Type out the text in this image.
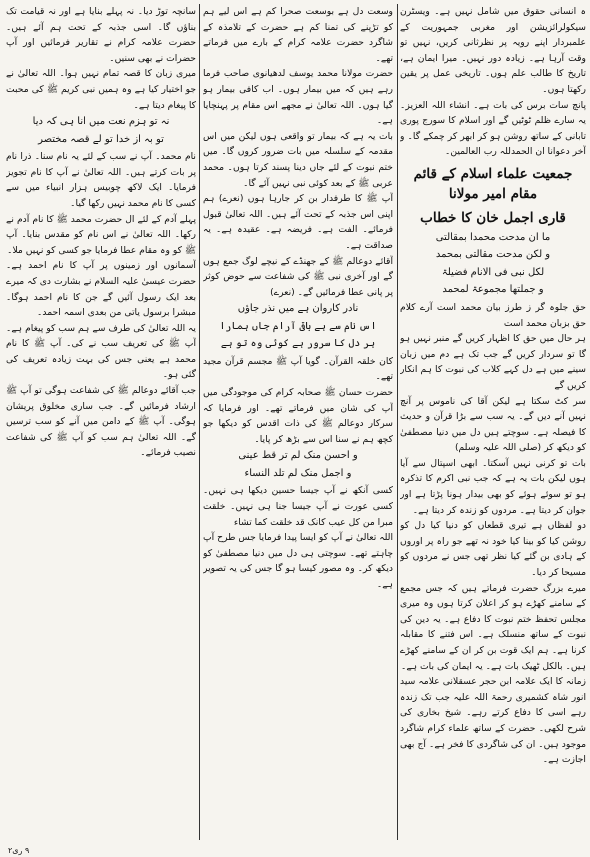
ہ انسانی حقوق میں شامل نہیں ہے۔ ویسٹرن سیکولرائزیشن اور مغربی جمہوریت کے علمبردار اپنے رویہ پر نظرثانی کریں، نہیں تو وقت آرہا ہے۔ زیادہ دور نہیں۔ میرا ایمان ہے، تاریخ کا طالب علم ہوں۔ تاریخی عمل پر یقین رکھتا ہوں۔

پانچ سات برس کی بات ہے۔ انشاء اللہ العزیز۔ یہ سارے ظلم ٹوٹیں گے اور اسلام کا سورج پوری تابانی کے ساتھ روشن ہو کر ابھر کر چمکے گا۔ و آخر دعوانا ان الحمدللہ رب العالمین۔

جمعیت علماء اسلام کے قائم مقام امیر مولانا
قاری اجمل خان کا خطاب
ما ان مدحت محمدا بمقالتی
و لکن مدحت مقالتی بمحمد
لکل نبی فی الانام فضیلۃ
و جملتھا مجموعۃ لمحمد

حق جلوہ گر ز طرز بیان محمد است آرے کلام حق بزبان محمد است

ہر حال میں حق کا اظہار کریں گے منبر نہیں ہو گا تو سردار کریں گے جب تک ہے دم میں زبان سینے میں ہے دل کہے کلاب کی نبوت کا ہم انکار کریں گے

سر کٹ سکتا ہے لیکن آقا کی ناموس پر آنچ نہیں آنے دیں گے۔ یہ سب سے بڑا قرآن و حدیث کا فیصلہ ہے۔ سوچتے ہیں دل میں دنیا مصطفیٰ کو دیکھ کر (صلی اللہ علیہ وسلم)

بات تو کرنی نہیں آسکتا۔ ابھی اسپتال سے آیا ہوں لیکن بات یہ ہے کہ جب نبی اکرم کا تذکرہ ہو تو سوئے ہوئے کو بھی بیدار ہونا پڑتا ہے اور جوان کر دیتا ہے۔ مردوں کو زندہ کر دیتا ہے۔

دو لفظاں ہے تیری قطعاں کو دنیا کیا دل کو روشن کیا کو بینا کیا خود نہ تھے جو راہ پر اوروں کے ہادی بن گئے کیا نظر تھی جس نے مردوں کو مسیحا کر دیا۔

میرے بزرگ حضرت فرماتے ہیں کہ جس مجمع کے سامنے کھڑے ہو کر اعلان کرتا ہوں وہ میری مجلس تحفظ ختم نبوت کا دفاع ہے۔ یہ دین کی نبوت کے ساتھ منسلک ہے۔ اس فتنے کا مقابلہ کرنا ہے۔ ہم ایک قوت بن کر ان کے سامنے کھڑے ہیں۔ بالکل ٹھیک بات ہے۔ یہ ایمان کی بات ہے۔

زمانہ کا ایک علامہ ابن حجر عسقلانی علامہ سید انور شاہ کشمیری رحمۃ اللہ علیہ جب تک زندہ رہے اسی کا دفاع کرتے رہے۔ شیخ بخاری کی شرح لکھی۔ حضرت کے ساتھ علماء کرام شاگرد موجود ہیں۔ ان کی شاگردی کا فخر ہے۔ آج بھی اجازت ہے۔

وسعت دل ہے بوسعت صحرا کم ہے اس لیے ہم کو تڑپنے کی تمنا کم ہے حضرت کے تلامذہ کے شاگرد حضرت علامہ کرام کے بارے میں فرماتے تھے۔

حضرت مولانا محمد یوسف لدھیانوی صاحب فرما رہے ہیں کہ میں بیمار ہوں۔ اب کافی بیمار ہو گیا ہوں۔ اللہ تعالیٰ نے مجھے اس مقام پر پہنچایا ہے۔

بات یہ ہے کہ بیمار تو واقعی ہوں لیکن میں اس مقدمہ کے سلسلہ میں بات ضرور کروں گا۔ میں ختم نبوت کے لئے جاں دینا پسند کرتا ہوں۔ محمد عربی ﷺ کے بعد کوئی نبی نہیں آئے گا۔

آپ ﷺ کا طرفدار بن کر جارہا ہوں (نعرے) ہم اپنی اس جذبہ کے تحت آئے ہیں۔ اللہ تعالیٰ قبول فرمائے۔ الفت ہے۔ فریضہ ہے۔ عقیدہ ہے۔ یہ صداقت ہے۔

آقائے دوعالم ﷺ کے جھنڈے کے نیچے لوگ جمع ہوں گے اور آخری نبی ﷺ کی شفاعت سے حوض کوثر پر پانی عطا فرمائیں گے۔ (نعرے)

نادر کاروان ہے میں نذر جاؤں
اس نام سے ہے باقی آرام جاں ہمارا
ہر دل کا سرور ہے کوئی وہ تو ہے

کان خلقہ القرآن۔ گویا آپ ﷺ مجسم قرآن مجید تھے۔

حضرت حسان ﷺ صحابہ کرام کی موجودگی میں آپ کی شان میں فرماتے تھے۔ اور فرمایا کہ سرکار دوعالم ﷺ کی ذات اقدس کو دیکھا جو کچھ ہم نے سنا اس سے بڑھ کر پایا۔

و احسن منک لم تر قط عینی
و اجمل منک لم تلد النساء

کسی آنکھ نے آپ جیسا حسین دیکھا ہی نہیں۔ کسی عورت نے آپ جیسا جنا ہی نہیں۔ خلقت مبرا من کل عیب کانک قد خلقت کما تشاء

اللہ تعالیٰ نے آپ کو ایسا پیدا فرمایا جس طرح آپ چاہتے تھے۔ سوچتی ہی دل میں دنیا مصطفیٰ کو دیکھ کر۔ وہ مصور کیسا ہو گا جس کی یہ تصویر ہے۔

سانچہ توڑ دیا۔ نہ پہلے بنایا ہے اور نہ قیامت تک بناؤں گا۔ اسی جذبہ کے تحت ہم آئے ہیں۔ حضرت علامہ کرام نے تقاریر فرمائیں اور آپ حضرات نے بھی سنیں۔

میری زبان کا قصہ تمام نہیں ہوا۔ اللہ تعالیٰ نے جو اختیار کیا ہے وہ ہمیں نبی کریم ﷺ کی محبت کا پیغام دیتا ہے۔

نہ تو ہزم نعت میں انا ہی کہ دیا
تو بہ از خدا تو لے قصہ مختصر

نام محمد۔ آپ نے سب کے لئے یہ نام سنا۔ ذرا نام پر بات کرتے ہیں۔ اللہ تعالیٰ نے آپ کا نام تجویز فرمایا۔ ایک لاکھ چوبیس ہزار انبیاء میں سے کسی کا نام محمد نہیں رکھا گیا۔

پہلے آدم کے لئے ال حضرت محمد ﷺ کا نام آدم نے رکھا۔ اللہ تعالیٰ نے اس نام کو مقدس بنایا۔ آپ ﷺ کو وہ مقام عطا فرمایا جو کسی کو نہیں ملا۔

آسمانوں اور زمینوں پر آپ کا نام احمد ہے۔ حضرت عیسیٰ علیہ السلام نے بشارت دی کہ میرے بعد ایک رسول آئیں گے جن کا نام احمد ہوگا۔ مبشرا برسول یاتی من بعدی اسمہ احمد۔

یہ اللہ تعالیٰ کی طرف سے ہم سب کو پیغام ہے۔ آپ ﷺ کی تعریف سب نے کی۔ آپ ﷺ کا نام محمد ہے یعنی جس کی بہت زیادہ تعریف کی گئی ہو۔

جب آقائے دوعالم ﷺ کی شفاعت ہوگی تو آپ ﷺ ارشاد فرمائیں گے۔ جب ساری مخلوق پریشان ہوگی۔ آپ ﷺ کے دامن میں آنے کو سب ترسیں گے۔ اللہ تعالیٰ ہم سب کو آپ ﷺ کی شفاعت نصیب فرمائے۔

۹ ری۲
